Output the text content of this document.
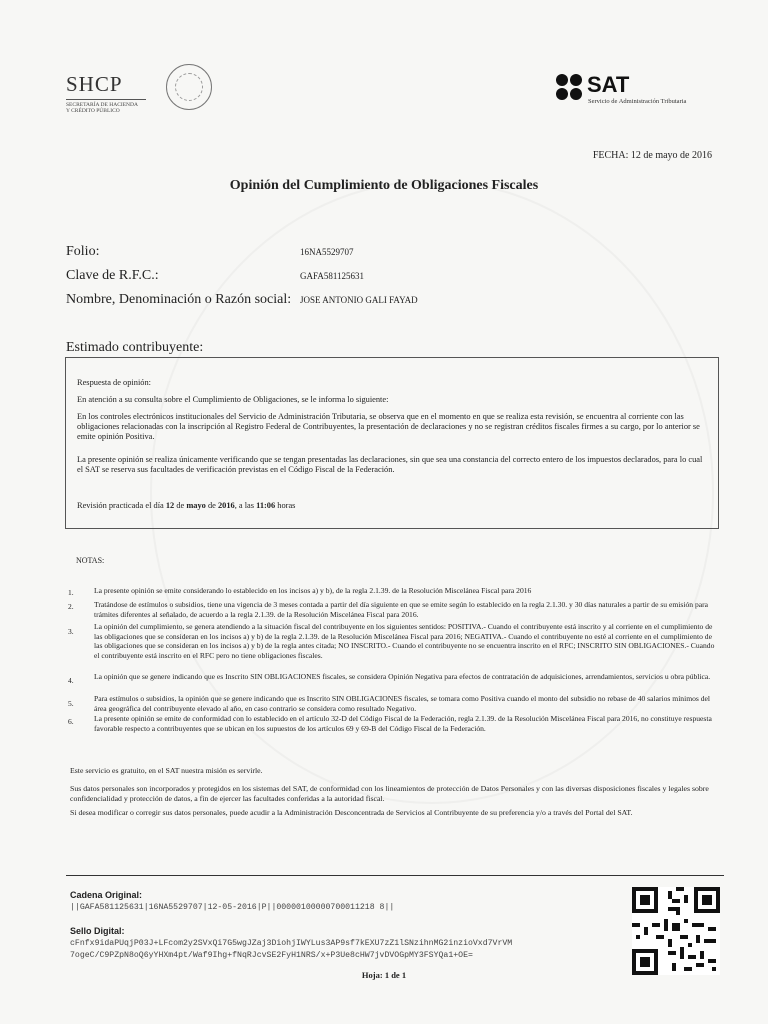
SHCP
SECRETARÍA DE HACIENDA
Y CRÉDITO PÚBLICO
SAT
Servicio de Administración Tributaria
FECHA: 12 de mayo de 2016
Opinión del Cumplimiento de Obligaciones Fiscales
Folio:	16NA5529707
Clave de R.F.C.:	GAFA581125631
Nombre, Denominación o Razón social: JOSE ANTONIO GALI FAYAD
Estimado contribuyente:

Respuesta de opinión:

En atención a su consulta sobre el Cumplimiento de Obligaciones, se le informa lo siguiente:

En los controles electrónicos institucionales del Servicio de Administración Tributaria, se observa que en el momento en que se realiza esta revisión, se encuentra al corriente con las obligaciones relacionadas con la inscripción al Registro Federal de Contribuyentes, la presentación de declaraciones y no se registran créditos fiscales firmes a su cargo, por lo anterior se emite opinión Positiva.

La presente opinión se realiza únicamente verificando que se tengan presentadas las declaraciones, sin que sea una constancia del correcto entero de los impuestos declarados, para lo cual el SAT se reserva sus facultades de verificación previstas en el Código Fiscal de la Federación.

Revisión practicada el día 12 de mayo de 2016, a las 11:06 horas

NOTAS:
1.	La presente opinión se emite considerando lo establecido en los incisos a) y b), de la regla 2.1.39. de la Resolución Miscelánea Fiscal para 2016

2.	Tratándose de estímulos o subsidios, tiene una vigencia de 3 meses contada a partir del día siguiente en que se emite según lo establecido en la regla 2.1.30. y 30 días naturales a partir de su emisión para trámites diferentes al señalado, de acuerdo a la regla 2.1.39. de la Resolución Miscelánea Fiscal para 2016.

3.

La opinión del cumplimiento, se genera atendiendo a la situación fiscal del contribuyente en los siguientes sentidos: POSITIVA.- Cuando el contribuyente está inscrito y al corriente en el cumplimiento de las obligaciones que se consideran en los incisos a) y b) de la regla 2.1.39. de la Resolución Miscelánea Fiscal para 2016; NEGATIVA.- Cuando el contribuyente no esté al corriente en el cumplimiento de las obligaciones que se consideran en los incisos a) y b) de la regla antes citada; NO INSCRITO.- Cuando el contribuyente no se encuentra inscrito en el RFC; INSCRITO SIN OBLIGACIONES.- Cuando el contribuyente está inscrito en el RFC pero no tiene obligaciones fiscales.

4.	La opinión que se genere indicando que es Inscrito SIN OBLIGACIONES fiscales, se considera Opinión Negativa para efectos de contratación de adquisiciones, arrendamientos, servicios u obra pública.

5.

Para estímulos o subsidios, la opinión que se genere indicando que es Inscrito SIN OBLIGACIONES fiscales, se tomara como Positiva cuando el monto del subsidio no rebase de 40 salarios mínimos del área geográfica del contribuyente elevado al año, en caso contrario se considera como resultado Negativo.

6.	La presente opinión se emite de conformidad con lo establecido en el artículo 32-D del Código Fiscal de la Federación, regla 2.1.39. de la Resolución Miscelánea Fiscal para 2016, no constituye respuesta favorable respecto a contribuyentes que se ubican en los supuestos de los artículos 69 y 69-B del Código Fiscal de la Federación.

Este servicio es gratuito, en el SAT nuestra misión es servirle.

Sus datos personales son incorporados y protegidos en los sistemas del SAT, de conformidad con los lineamientos de protección de Datos Personales y con las diversas disposiciones fiscales y legales sobre confidencialidad y protección de datos, a fin de ejercer las facultades conferidas a la autoridad fiscal.

Si desea modificar o corregir sus datos personales, puede acudir a la Administración Desconcentrada de Servicios al Contribuyente de su preferencia y/o a través del Portal del SAT.

Cadena Original:
||GAFA581125631|16NA5529707|12-05-2016|P||00000100000700011218 8||
Sello Digital:
cFnfx9idaPUqjP03J+LFcom2y2SVxQi7G5wgJZaj3DiohjIWYLus3AP9sf7kEXU7zZ1lSNzihnMG2inzioVxd7VrVM
7ogeC/C9PZpN8oQ6yYHXm4pt/Waf9Ihg+fNqRJcvSE2FyH1NRS/x+P3Ue8cHW7jvDVOGpMY3FSYQa1+OE=
Hoja: 1 de 1
